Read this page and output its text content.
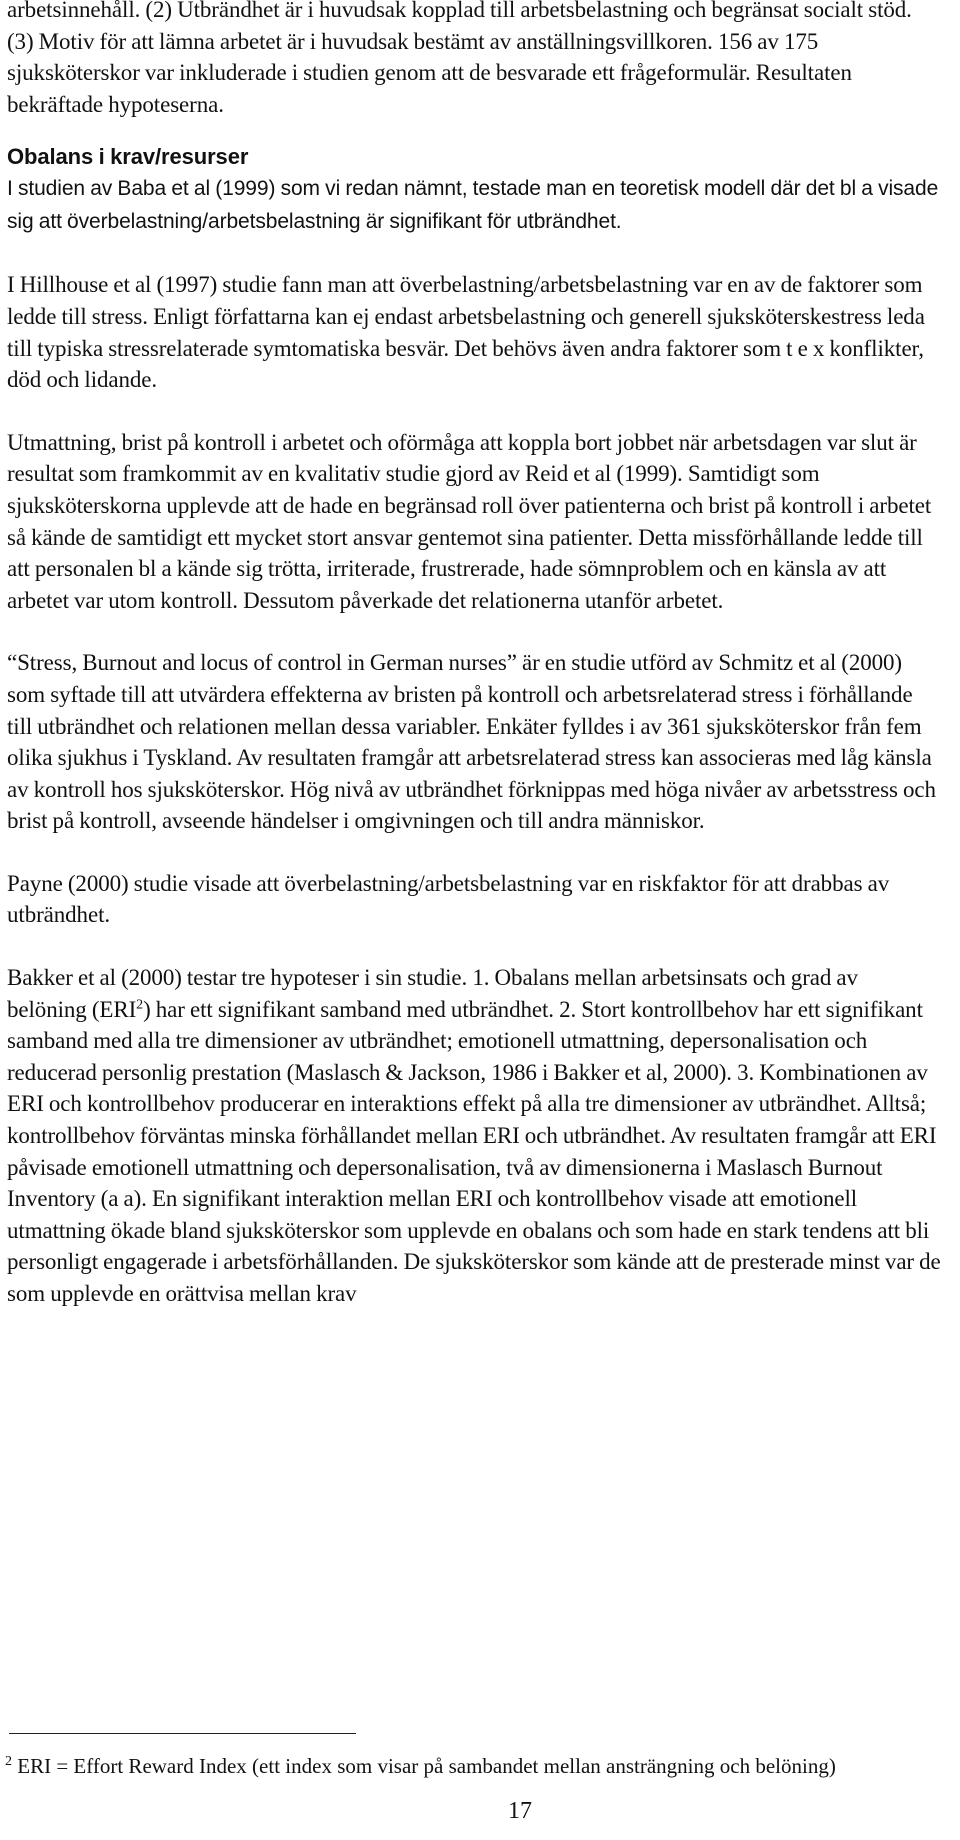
arbetsinnehåll. (2) Utbrändhet är i huvudsak kopplad till arbetsbelastning och begränsat socialt stöd. (3) Motiv för att lämna arbetet är i huvudsak bestämt av anställningsvillkoren. 156 av 175 sjuksköterskor var inkluderade i studien genom att de besvarade ett frågeformulär. Resultaten bekräftade hypoteserna.

Obalans i krav/resurser

I studien av Baba et al (1999) som vi redan nämnt, testade man en teoretisk modell där det bl a visade sig att överbelastning/arbetsbelastning är signifikant för utbrändhet.

I Hillhouse et al (1997) studie fann man att överbelastning/arbetsbelastning var en av de faktorer som ledde till stress. Enligt författarna kan ej endast arbetsbelastning och generell sjuksköterskestress leda till typiska stressrelaterade symtomatiska besvär. Det behövs även andra faktorer som t e x konflikter, död och lidande.

Utmattning, brist på kontroll i arbetet och oförmåga att koppla bort jobbet när arbetsdagen var slut är resultat som framkommit av en kvalitativ studie gjord av Reid et al (1999). Samtidigt som sjuksköterskorna upplevde att de hade en begränsad roll över patienterna och brist på kontroll i arbetet så kände de samtidigt ett mycket stort ansvar gentemot sina patienter. Detta missförhållande ledde till att personalen bl a kände sig trötta, irriterade, frustrerade, hade sömnproblem och en känsla av att arbetet var utom kontroll. Dessutom påverkade det relationerna utanför arbetet.

“Stress, Burnout and locus of control in German nurses” är en studie utförd av Schmitz et al (2000) som syftade till att utvärdera effekterna av bristen på kontroll och arbetsrelaterad stress i förhållande till utbrändhet och relationen mellan dessa variabler. Enkäter fylldes i av 361 sjuksköterskor från fem olika sjukhus i Tyskland. Av resultaten framgår att arbetsrelaterad stress kan associeras med låg känsla av kontroll hos sjuksköterskor. Hög nivå av utbrändhet förknippas med höga nivåer av arbetsstress och brist på kontroll, avseende händelser i omgivningen och till andra människor.

Payne (2000) studie visade att överbelastning/arbetsbelastning var en riskfaktor för att drabbas av utbrändhet.

Bakker et al (2000) testar tre hypoteser i sin studie. 1. Obalans mellan arbetsinsats och grad av belöning (ERI$^2$) har ett signifikant samband med utbrändhet. 2. Stort kontrollbehov har ett signifikant samband med alla tre dimensioner av utbrändhet; emotionell utmattning, depersonalisation och reducerad personlig prestation (Maslasch & Jackson, 1986 i Bakker et al, 2000). 3. Kombinationen av ERI och kontrollbehov producerar en interaktions effekt på alla tre dimensioner av utbrändhet. Alltså; kontrollbehov förväntas minska förhållandet mellan ERI och utbrändhet. Av resultaten framgår att ERI påvisade emotionell utmattning och depersonalisation, två av dimensionerna i Maslasch Burnout Inventory (a a). En signifikant interaktion mellan ERI och kontrollbehov visade att emotionell utmattning ökade bland sjuksköterskor som upplevde en obalans och som hade en stark tendens att bli personligt engagerade i arbetsförhållanden. De sjuksköterskor som kände att de presterade minst var de som upplevde en orättvisa mellan krav

$^2$ ERI = Effort Reward Index (ett index som visar på sambandet mellan ansträngning och belöning)
17
